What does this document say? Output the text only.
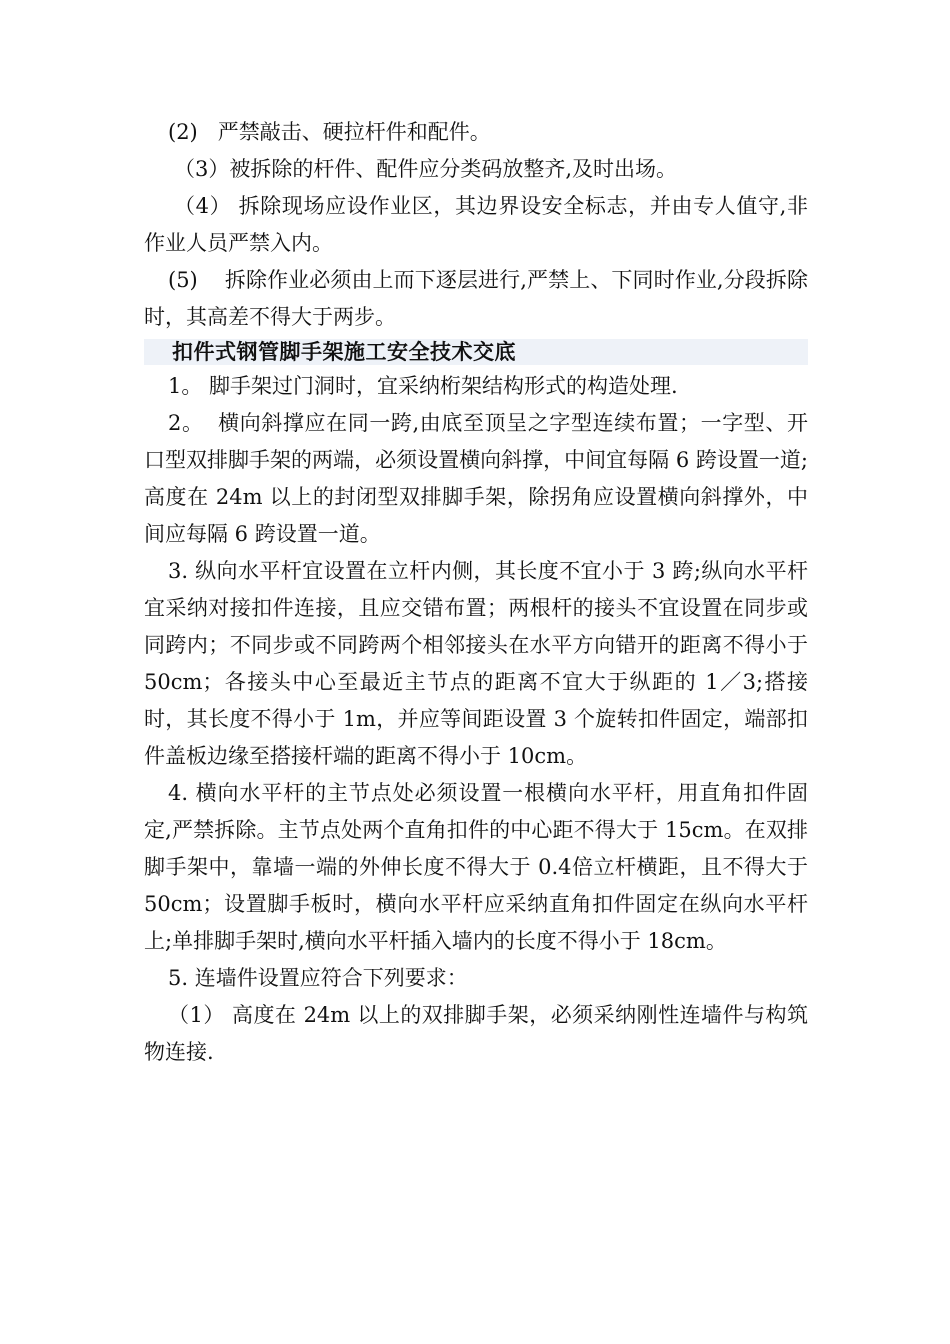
(2)   严禁敲击、硬拉杆件和配件。

（3）被拆除的杆件、配件应分类码放整齐,及时出场。

（4） 拆除现场应设作业区，其边界设安全标志，并由专人值守,非作业人员严禁入内。

(5)    拆除作业必须由上而下逐层进行,严禁上、下同时作业,分段拆除时，其高差不得大于两步。

扣件式钢管脚手架施工安全技术交底

1。 脚手架过门洞时，宜采纳桁架结构形式的构造处理.

2。  横向斜撑应在同一跨,由底至顶呈之字型连续布置；一字型、开口型双排脚手架的两端，必须设置横向斜撑，中间宜每隔 6 跨设置一道;高度在 24m 以上的封闭型双排脚手架，除拐角应设置横向斜撑外，中间应每隔 6 跨设置一道。

3. 纵向水平杆宜设置在立杆内侧，其长度不宜小于 3 跨;纵向水平杆宜采纳对接扣件连接，且应交错布置；两根杆的接头不宜设置在同步或同跨内；不同步或不同跨两个相邻接头在水平方向错开的距离不得小于 50cm；各接头中心至最近主节点的距离不宜大于纵距的 1／3;搭接时，其长度不得小于 1m，并应等间距设置 3 个旋转扣件固定，端部扣件盖板边缘至搭接杆端的距离不得小于 10cm。

4. 横向水平杆的主节点处必须设置一根横向水平杆，用直角扣件固定,严禁拆除。主节点处两个直角扣件的中心距不得大于 15cm。在双排脚手架中，靠墙一端的外伸长度不得大于 0.4倍立杆横距，且不得大于 50cm；设置脚手板时，横向水平杆应采纳直角扣件固定在纵向水平杆上;单排脚手架时,横向水平杆插入墙内的长度不得小于 18cm。

5. 连墙件设置应符合下列要求：

（1） 高度在 24m 以上的双排脚手架，必须采纳刚性连墙件与构筑物连接.
